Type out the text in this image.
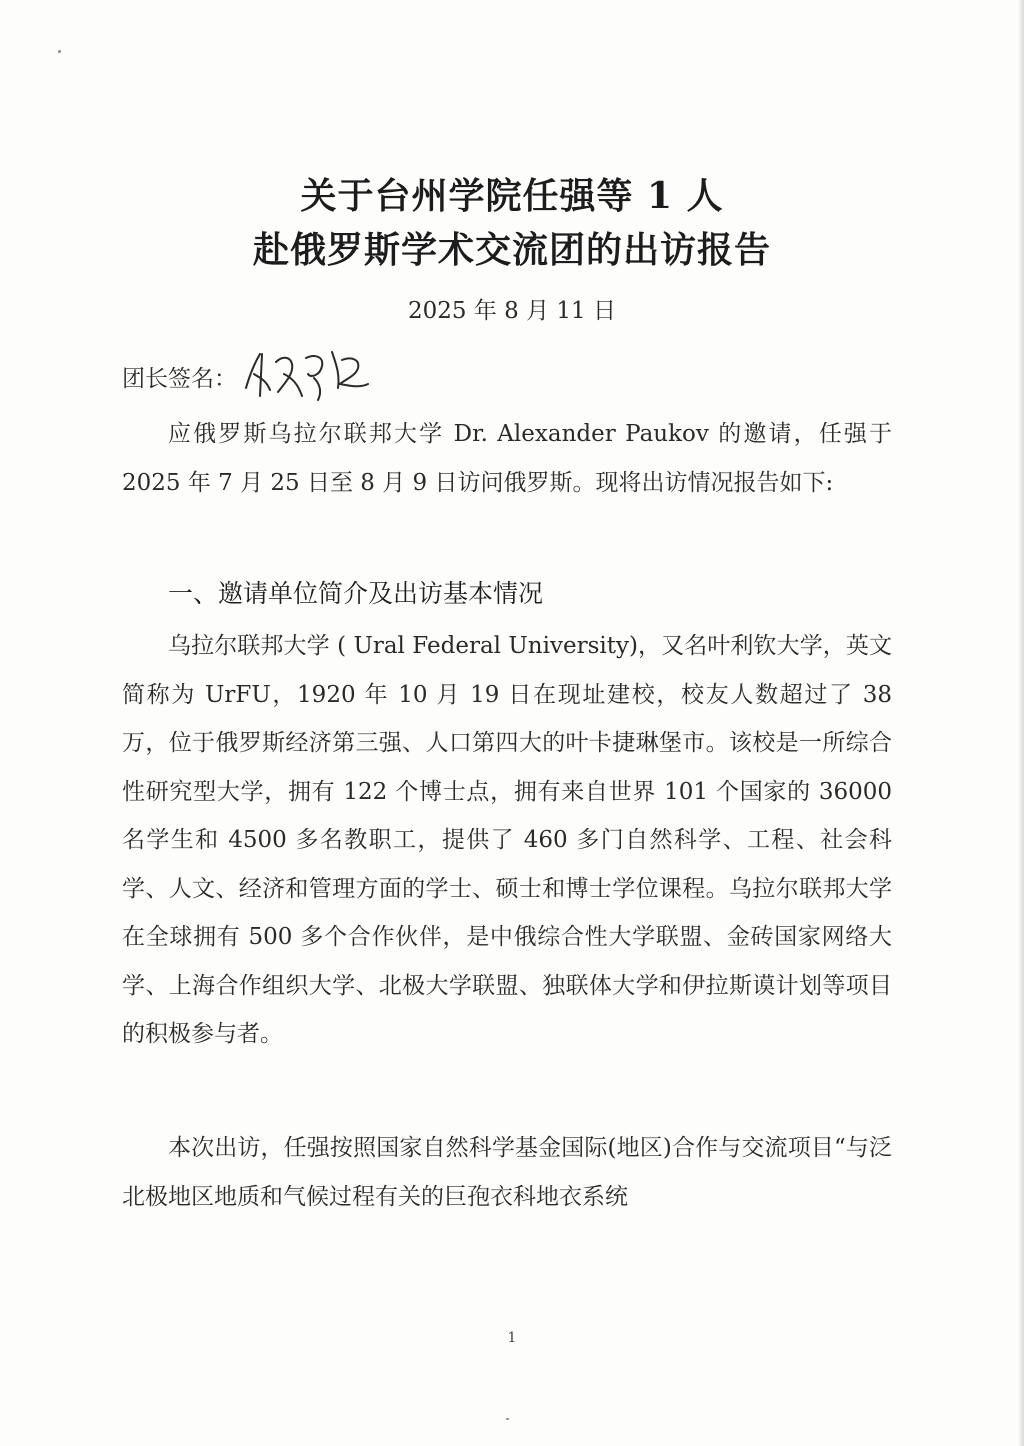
关于台州学院任强等 1 人
赴俄罗斯学术交流团的出访报告
2025 年 8 月 11 日
团长签名：
应俄罗斯乌拉尔联邦大学 Dr. Alexander Paukov 的邀请，任强于 2025 年 7 月 25 日至 8 月 9 日访问俄罗斯。现将出访情况报告如下:
一、邀请单位简介及出访基本情况
乌拉尔联邦大学 ( Ural Federal University)，又名叶利钦大学，英文简称为 UrFU，1920 年 10 月 19 日在现址建校，校友人数超过了 38 万，位于俄罗斯经济第三强、人口第四大的叶卡捷琳堡市。该校是一所综合性研究型大学，拥有 122 个博士点，拥有来自世界 101 个国家的 36000 名学生和 4500 多名教职工，提供了 460 多门自然科学、工程、社会科学、人文、经济和管理方面的学士、硕士和博士学位课程。乌拉尔联邦大学在全球拥有 500 多个合作伙伴，是中俄综合性大学联盟、金砖国家网络大学、上海合作组织大学、北极大学联盟、独联体大学和伊拉斯谟计划等项目的积极参与者。
本次出访，任强按照国家自然科学基金国际(地区)合作与交流项目“与泛北极地区地质和气候过程有关的巨孢衣科地衣系统
1
